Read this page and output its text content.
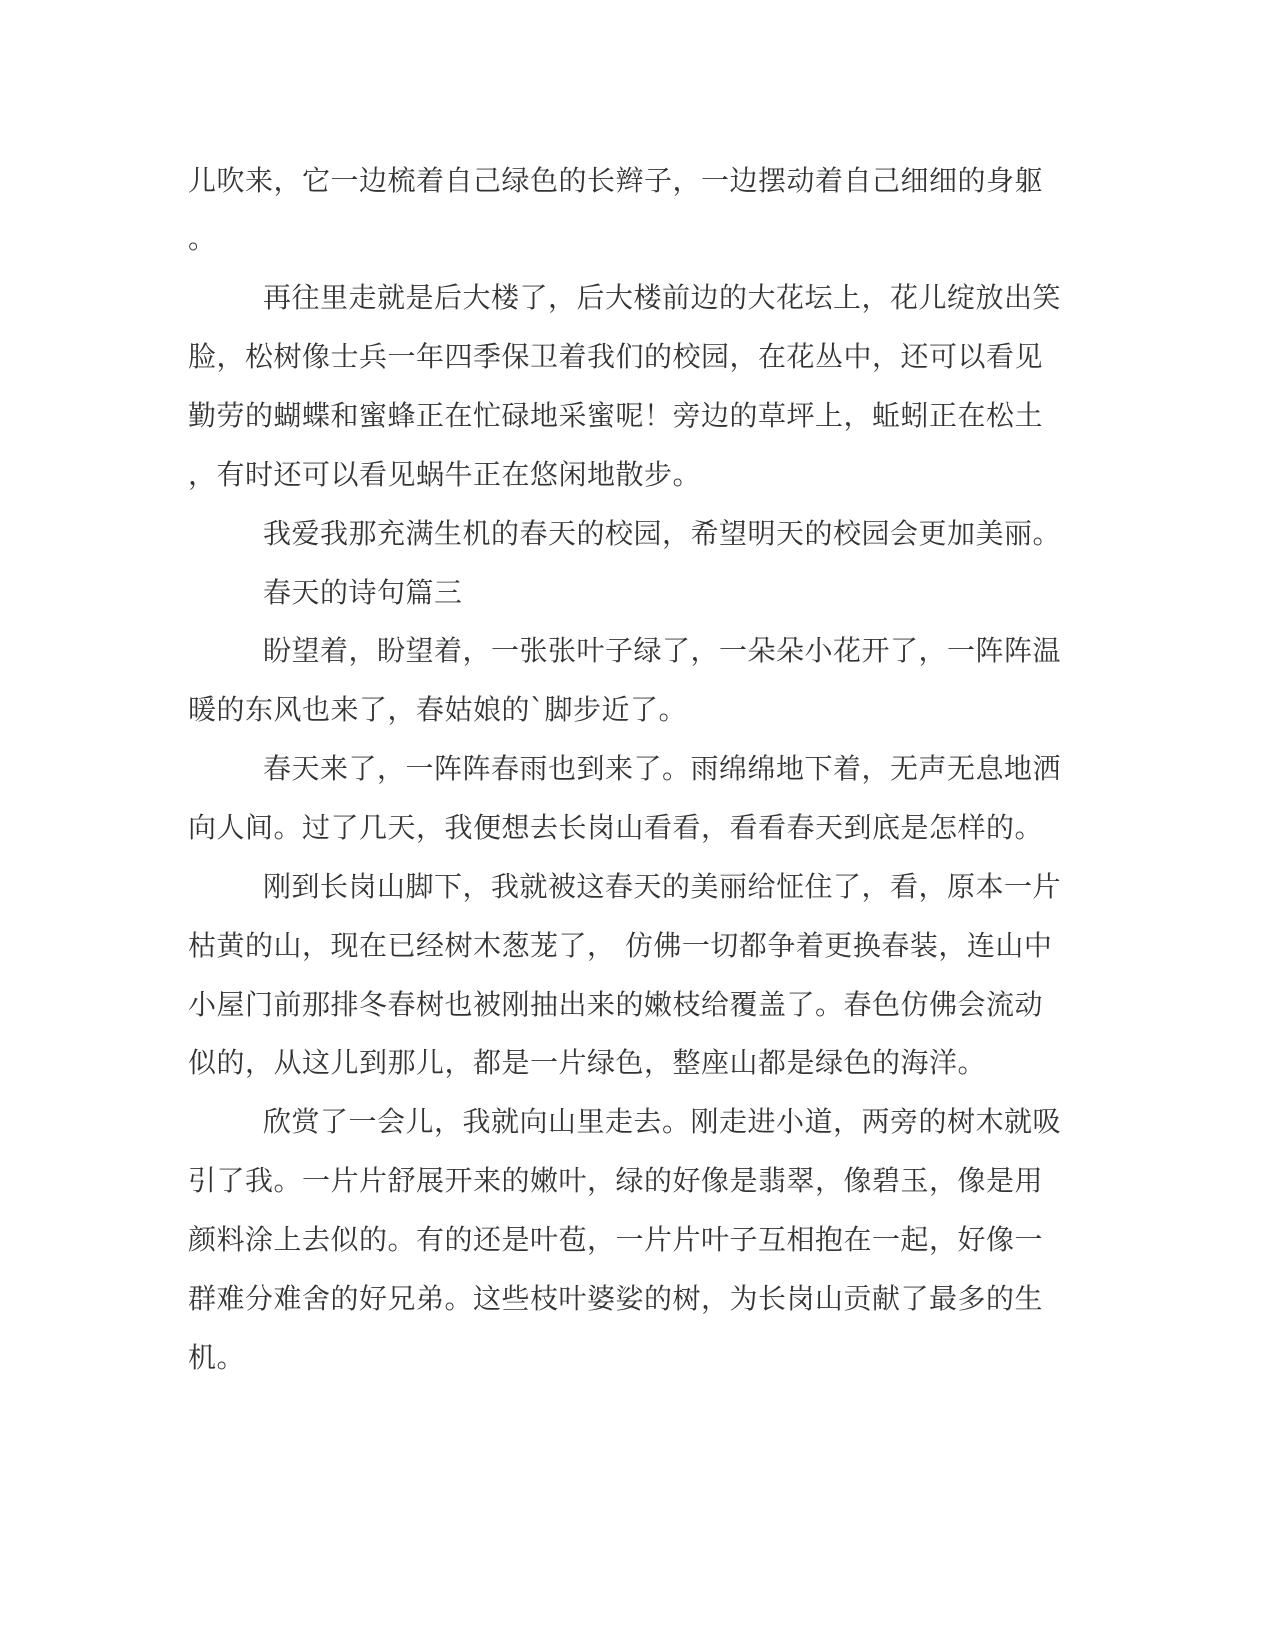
儿吹来，它一边梳着自己绿色的长辫子，一边摆动着自己细细的身躯

。

再往里走就是后大楼了，后大楼前边的大花坛上，花儿绽放出笑

脸，松树像士兵一年四季保卫着我们的校园，在花丛中，还可以看见

勤劳的蝴蝶和蜜蜂正在忙碌地采蜜呢！旁边的草坪上，蚯蚓正在松土

，有时还可以看见蜗牛正在悠闲地散步。

我爱我那充满生机的春天的校园，希望明天的校园会更加美丽。

春天的诗句篇三

盼望着，盼望着，一张张叶子绿了，一朵朵小花开了，一阵阵温

暖的东风也来了，春姑娘的`脚步近了。

春天来了，一阵阵春雨也到来了。雨绵绵地下着，无声无息地洒

向人间。过了几天，我便想去长岗山看看，看看春天到底是怎样的。

刚到长岗山脚下，我就被这春天的美丽给怔住了，看，原本一片

枯黄的山，现在已经树木葱茏了， 仿佛一切都争着更换春装，连山中

小屋门前那排冬春树也被刚抽出来的嫩枝给覆盖了。春色仿佛会流动

似的，从这儿到那儿，都是一片绿色，整座山都是绿色的海洋。

欣赏了一会儿，我就向山里走去。刚走进小道，两旁的树木就吸

引了我。一片片舒展开来的嫩叶，绿的好像是翡翠，像碧玉，像是用

颜料涂上去似的。有的还是叶苞，一片片叶子互相抱在一起，好像一

群难分难舍的好兄弟。这些枝叶婆娑的树，为长岗山贡献了最多的生

机。
